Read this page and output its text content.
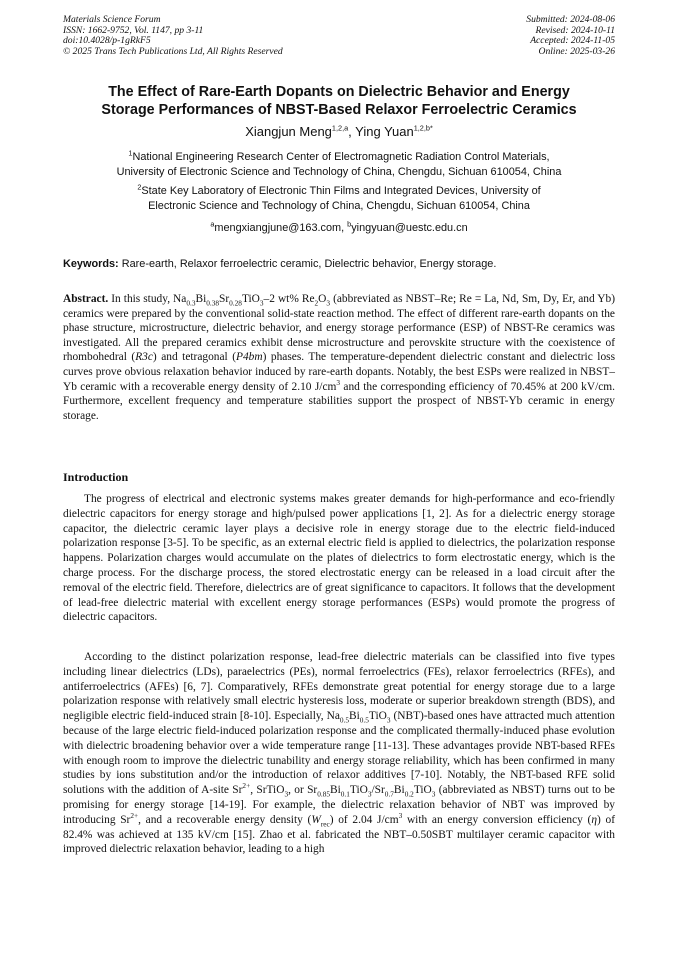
Materials Science Forum
ISSN: 1662-9752, Vol. 1147, pp 3-11
doi:10.4028/p-1gRkF5
© 2025 Trans Tech Publications Ltd, All Rights Reserved
Submitted: 2024-08-06
Revised: 2024-10-11
Accepted: 2024-11-05
Online: 2025-03-26
The Effect of Rare-Earth Dopants on Dielectric Behavior and Energy
Storage Performances of NBST-Based Relaxor Ferroelectric Ceramics
Xiangjun Meng$^{1,2,a}$, Ying Yuan$^{1,2,b*}$
$^1$National Engineering Research Center of Electromagnetic Radiation Control Materials,
University of Electronic Science and Technology of China, Chengdu, Sichuan 610054, China
$^2$State Key Laboratory of Electronic Thin Films and Integrated Devices, University of
Electronic Science and Technology of China, Chengdu, Sichuan 610054, China
$^a$mengxiangjune@163.com, $^b$yingyuan@uestc.edu.cn
Keywords: Rare-earth, Relaxor ferroelectric ceramic, Dielectric behavior, Energy storage.
Abstract. In this study, $Na_{0.3}Bi_{0.38}Sr_{0.28}TiO_3-2$ wt% $Re_2O_3$ (abbreviated as NBST–Re; Re = La, Nd, Sm, Dy, Er, and Yb) ceramics were prepared by the conventional solid-state reaction method. The effect of different rare-earth dopants on the phase structure, microstructure, dielectric behavior, and energy storage performance (ESP) of NBST-Re ceramics was investigated. All the prepared ceramics exhibit dense microstructure and perovskite structure with the coexistence of rhombohedral (R3c) and tetragonal (P4bm) phases. The temperature-dependent dielectric constant and dielectric loss curves prove obvious relaxation behavior induced by rare-earth dopants. Notably, the best ESPs were realized in NBST–Yb ceramic with a recoverable energy density of 2.10 $J/cm^3$ and the corresponding efficiency of 70.45% at 200 kV/cm. Furthermore, excellent frequency and temperature stabilities support the prospect of NBST-Yb ceramic in energy storage.
Introduction
The progress of electrical and electronic systems makes greater demands for high-performance and eco-friendly dielectric capacitors for energy storage and high/pulsed power applications [1, 2]. As for a dielectric energy storage capacitor, the dielectric ceramic layer plays a decisive role in energy storage due to the electric field-induced polarization response [3-5]. To be specific, as an external electric field is applied to dielectrics, the polarization response happens. Polarization charges would accumulate on the plates of dielectrics to form electrostatic energy, which is the charge process. For the discharge process, the stored electrostatic energy can be released in a load circuit after the removal of the electric field. Therefore, dielectrics are of great significance to capacitors. It follows that the development of lead-free dielectric material with excellent energy storage performances (ESPs) would promote the progress of dielectric capacitors.
According to the distinct polarization response, lead-free dielectric materials can be classified into five types including linear dielectrics (LDs), paraelectrics (PEs), normal ferroelectrics (FEs), relaxor ferroelectrics (RFEs), and antiferroelectrics (AFEs) [6, 7]. Comparatively, RFEs demonstrate great potential for energy storage due to a large polarization response with relatively small electric hysteresis loss, moderate or superior breakdown strength (BDS), and negligible electric field-induced strain [8-10]. Especially, $Na_{0.5}Bi_{0.5}TiO_3$ (NBT)-based ones have attracted much attention because of the large electric field-induced polarization response and the complicated thermally-induced phase evolution with dielectric broadening behavior over a wide temperature range [11-13]. These advantages provide NBT-based RFEs with enough room to improve the dielectric tunability and energy storage reliability, which has been confirmed in many studies by ions substitution and/or the introduction of relaxor additives [7-10]. Notably, the NBT-based RFE solid solutions with the addition of A-site $Sr^{2+}$, SrTiO$_3$, or $Sr_{0.85}Bi_{0.1}TiO_3/Sr_{0.7}Bi_{0.2}TiO_3$ (abbreviated as NBST) turns out to be promising for energy storage [14-19]. For example, the dielectric relaxation behavior of NBT was improved by introducing $Sr^{2+}$, and a recoverable energy density $(W_{rec})$ of 2.04 $J/cm^3$ with an energy conversion efficiency (η) of 82.4% was achieved at 135 kV/cm [15]. Zhao et al. fabricated the NBT–0.50SBT multilayer ceramic capacitor with improved dielectric relaxation behavior, leading to a high
